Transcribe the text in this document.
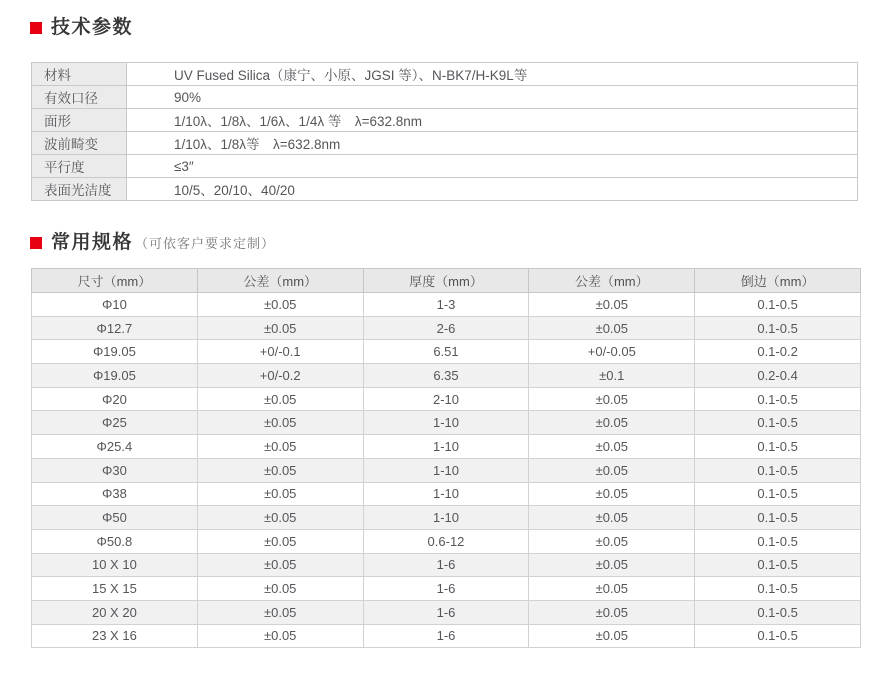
技术参数
材料	UV Fused Silica（康宁、小原、JGSI 等）、N-BK7/H-K9L等
有效口径	90%
面形	1/10λ、1/8λ、1/6λ、1/4λ 等　λ=632.8nm
波前畸变	1/10λ、1/8λ等　λ=632.8nm
平行度	≤3″
表面光洁度	10/5、20/10、40/20
常用规格 （可依客户要求定制）
尺寸（mm）	公差（mm）	厚度（mm）	公差（mm）	倒边（mm）
Φ10	±0.05	1-3	±0.05	0.1-0.5
Φ12.7	±0.05	2-6	±0.05	0.1-0.5
Φ19.05	+0/-0.1	6.51	+0/-0.05	0.1-0.2
Φ19.05	+0/-0.2	6.35	±0.1	0.2-0.4
Φ20	±0.05	2-10	±0.05	0.1-0.5
Φ25	±0.05	1-10	±0.05	0.1-0.5
Φ25.4	±0.05	1-10	±0.05	0.1-0.5
Φ30	±0.05	1-10	±0.05	0.1-0.5
Φ38	±0.05	1-10	±0.05	0.1-0.5
Φ50	±0.05	1-10	±0.05	0.1-0.5
Φ50.8	±0.05	0.6-12	±0.05	0.1-0.5
10 X 10	±0.05	1-6	±0.05	0.1-0.5
15 X 15	±0.05	1-6	±0.05	0.1-0.5
20 X 20	±0.05	1-6	±0.05	0.1-0.5
23 X 16	±0.05	1-6	±0.05	0.1-0.5
